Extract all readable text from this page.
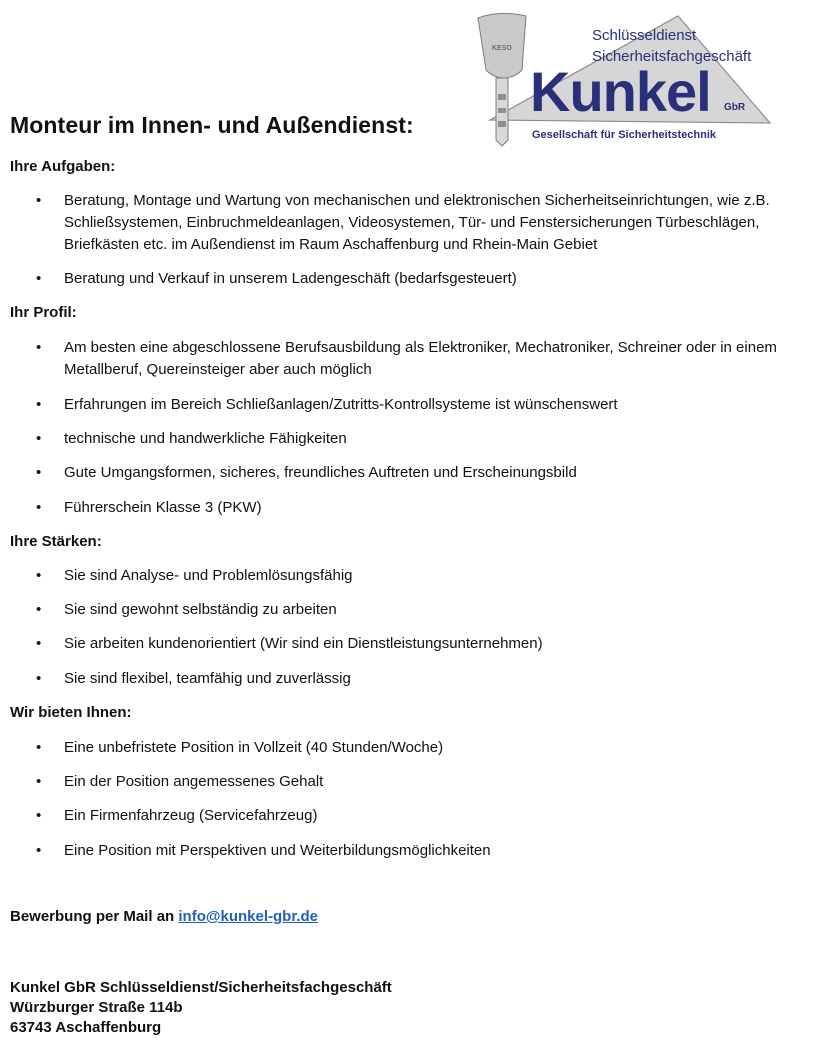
KESO
Schlüsseldienst
Sicherheitsfachgeschäft
Kunkel GbR
Gesellschaft für Sicherheitstechnik
Monteur im Innen- und Außendienst:
Ihre Aufgaben:
• Beratung, Montage und Wartung von mechanischen und elektronischen Sicherheitseinrichtungen, wie z.B. Schließsystemen, Einbruchmeldeanlagen, Videosystemen, Tür- und Fenstersicherungen Türbeschlägen, Briefkästen etc. im Außendienst im Raum Aschaffenburg und Rhein-Main Gebiet

• Beratung und Verkauf in unserem Ladengeschäft (bedarfsgesteuert)

Ihr Profil:
• Am besten eine abgeschlossene Berufsausbildung als Elektroniker, Mechatroniker, Schreiner oder in einem Metallberuf, Quereinsteiger aber auch möglich

• Erfahrungen im Bereich Schließanlagen/Zutritts-Kontrollsysteme ist wünschenswert

• technische und handwerkliche Fähigkeiten

• Gute Umgangsformen, sicheres, freundliches Auftreten und Erscheinungsbild

• Führerschein Klasse 3 (PKW)

Ihre Stärken:
• Sie sind Analyse- und Problemlösungsfähig

• Sie sind gewohnt selbständig zu arbeiten

• Sie arbeiten kundenorientiert (Wir sind ein Dienstleistungsunternehmen)

• Sie sind flexibel, teamfähig und zuverlässig

Wir bieten Ihnen:
• Eine unbefristete Position in Vollzeit (40 Stunden/Woche)

• Ein der Position angemessenes Gehalt

• Ein Firmenfahrzeug (Servicefahrzeug)

• Eine Position mit Perspektiven und Weiterbildungsmöglichkeiten

Bewerbung per Mail an info@kunkel-gbr.de

Kunkel GbR Schlüsseldienst/Sicherheitsfachgeschäft

Würzburger Straße 114b

63743 Aschaffenburg
